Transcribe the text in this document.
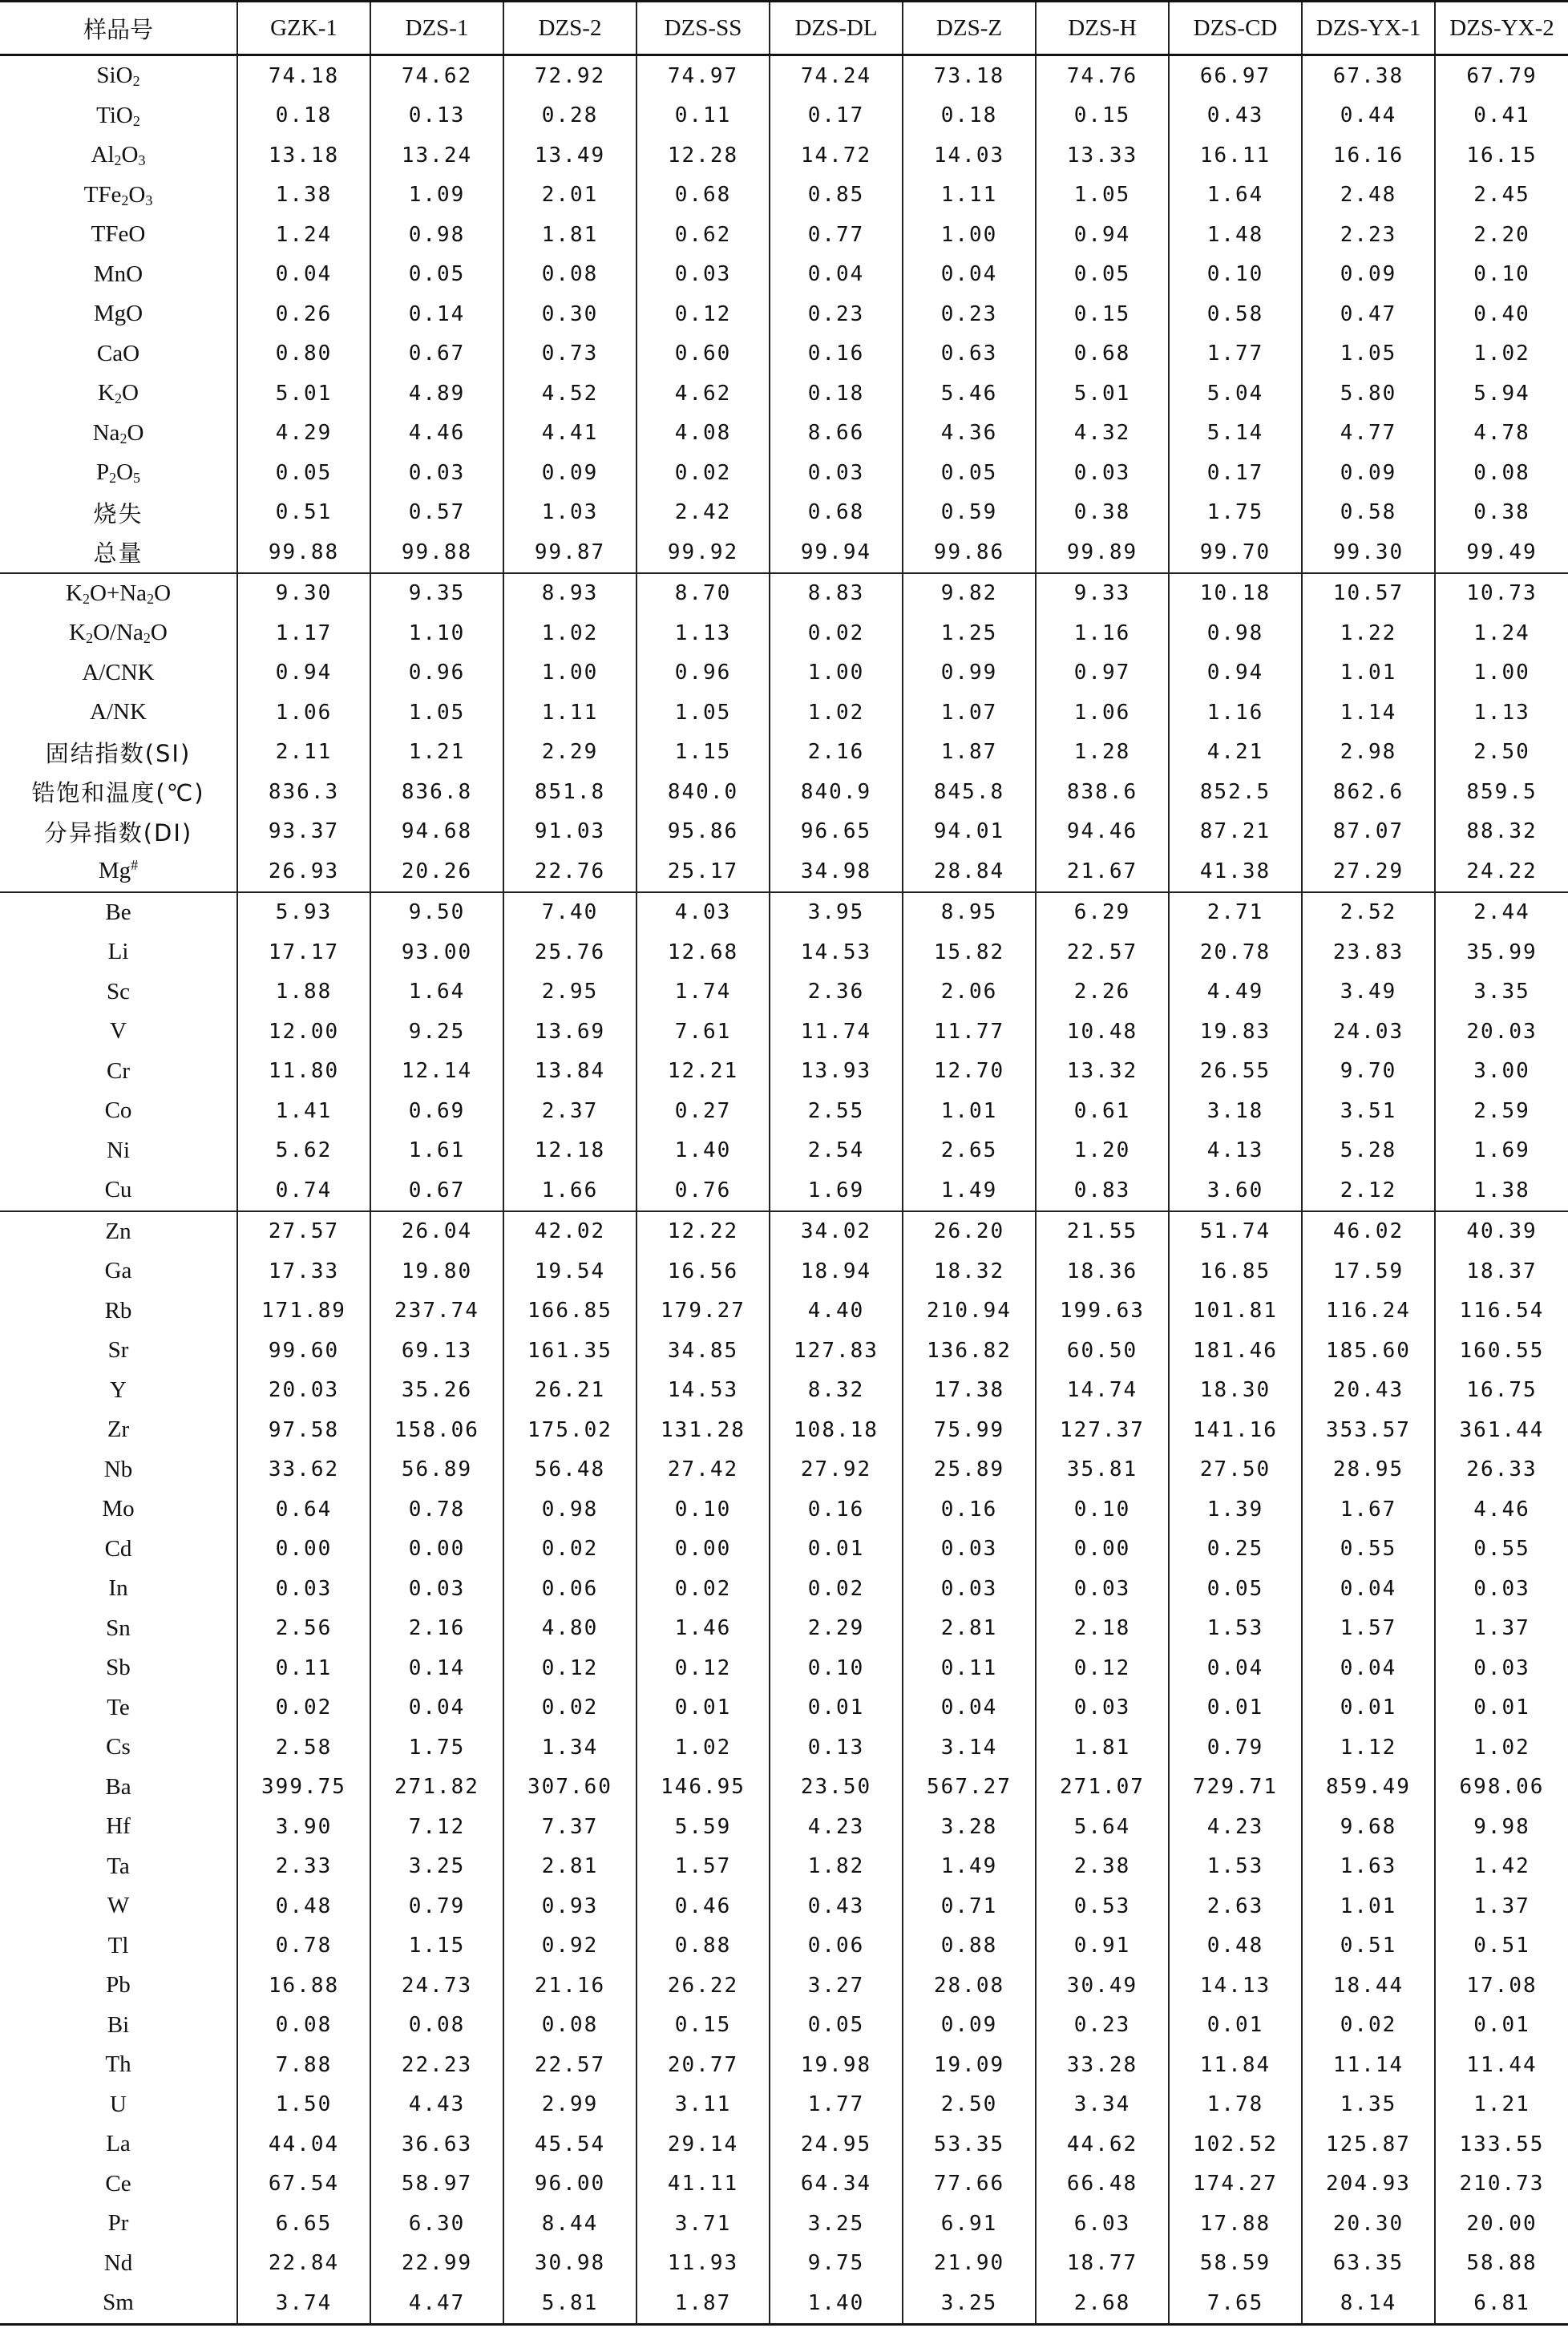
样品号	GZK-1	DZS-1	DZS-2	DZS-SS	DZS-DL	DZS-Z	DZS-H	DZS-CD	DZS-YX-1	DZS-YX-2
SiO$_2$	74.18	74.62	72.92	74.97	74.24	73.18	74.76	66.97	67.38	67.79
TiO$_2$	0.18	0.13	0.28	0.11	0.17	0.18	0.15	0.43	0.44	0.41
$Al_2O_3$	13.18	13.24	13.49	12.28	14.72	14.03	13.33	16.11	16.16	16.15
$TFe_2O_3$	1.38	1.09	2.01	0.68	0.85	1.11	1.05	1.64	2.48	2.45
TFeO	1.24	0.98	1.81	0.62	0.77	1.00	0.94	1.48	2.23	2.20
MnO	0.04	0.05	0.08	0.03	0.04	0.04	0.05	0.10	0.09	0.10
MgO	0.26	0.14	0.30	0.12	0.23	0.23	0.15	0.58	0.47	0.40
CaO	0.80	0.67	0.73	0.60	0.16	0.63	0.68	1.77	1.05	1.02
$K_2O$	5.01	4.89	4.52	4.62	0.18	5.46	5.01	5.04	5.80	5.94
$Na_2O$	4.29	4.46	4.41	4.08	8.66	4.36	4.32	5.14	4.77	4.78
$P_2O_5$	0.05	0.03	0.09	0.02	0.03	0.05	0.03	0.17	0.09	0.08
烧失	0.51	0.57	1.03	2.42	0.68	0.59	0.38	1.75	0.58	0.38
总量	99.88	99.88	99.87	99.92	99.94	99.86	99.89	99.70	99.30	99.49
$K_2O+Na_2O$	9.30	9.35	8.93	8.70	8.83	9.82	9.33	10.18	10.57	10.73
$K_2O/Na_2O$	1.17	1.10	1.02	1.13	0.02	1.25	1.16	0.98	1.22	1.24
A/CNK	0.94	0.96	1.00	0.96	1.00	0.99	0.97	0.94	1.01	1.00
A/NK	1.06	1.05	1.11	1.05	1.02	1.07	1.06	1.16	1.14	1.13
固结指数(SI)	2.11	1.21	2.29	1.15	2.16	1.87	1.28	4.21	2.98	2.50
锆饱和温度(℃)	836.3	836.8	851.8	840.0	840.9	845.8	838.6	852.5	862.6	859.5
分异指数(DI)	93.37	94.68	91.03	95.86	96.65	94.01	94.46	87.21	87.07	88.32
Mg#	26.93	20.26	22.76	25.17	34.98	28.84	21.67	41.38	27.29	24.22
Be	5.93	9.50	7.40	4.03	3.95	8.95	6.29	2.71	2.52	2.44
Li	17.17	93.00	25.76	12.68	14.53	15.82	22.57	20.78	23.83	35.99
Sc	1.88	1.64	2.95	1.74	2.36	2.06	2.26	4.49	3.49	3.35
V	12.00	9.25	13.69	7.61	11.74	11.77	10.48	19.83	24.03	20.03
Cr	11.80	12.14	13.84	12.21	13.93	12.70	13.32	26.55	9.70	3.00
Co	1.41	0.69	2.37	0.27	2.55	1.01	0.61	3.18	3.51	2.59
Ni	5.62	1.61	12.18	1.40	2.54	2.65	1.20	4.13	5.28	1.69
Cu	0.74	0.67	1.66	0.76	1.69	1.49	0.83	3.60	2.12	1.38
Zn	27.57	26.04	42.02	12.22	34.02	26.20	21.55	51.74	46.02	40.39
Ga	17.33	19.80	19.54	16.56	18.94	18.32	18.36	16.85	17.59	18.37
Rb	171.89	237.74	166.85	179.27	4.40	210.94	199.63	101.81	116.24	116.54
Sr	99.60	69.13	161.35	34.85	127.83	136.82	60.50	181.46	185.60	160.55
Y	20.03	35.26	26.21	14.53	8.32	17.38	14.74	18.30	20.43	16.75
Zr	97.58	158.06	175.02	131.28	108.18	75.99	127.37	141.16	353.57	361.44
Nb	33.62	56.89	56.48	27.42	27.92	25.89	35.81	27.50	28.95	26.33
Mo	0.64	0.78	0.98	0.10	0.16	0.16	0.10	1.39	1.67	4.46
Cd	0.00	0.00	0.02	0.00	0.01	0.03	0.00	0.25	0.55	0.55
In	0.03	0.03	0.06	0.02	0.02	0.03	0.03	0.05	0.04	0.03
Sn	2.56	2.16	4.80	1.46	2.29	2.81	2.18	1.53	1.57	1.37
Sb	0.11	0.14	0.12	0.12	0.10	0.11	0.12	0.04	0.04	0.03
Te	0.02	0.04	0.02	0.01	0.01	0.04	0.03	0.01	0.01	0.01
Cs	2.58	1.75	1.34	1.02	0.13	3.14	1.81	0.79	1.12	1.02
Ba	399.75	271.82	307.60	146.95	23.50	567.27	271.07	729.71	859.49	698.06
Hf	3.90	7.12	7.37	5.59	4.23	3.28	5.64	4.23	9.68	9.98
Ta	2.33	3.25	2.81	1.57	1.82	1.49	2.38	1.53	1.63	1.42
W	0.48	0.79	0.93	0.46	0.43	0.71	0.53	2.63	1.01	1.37
Tl	0.78	1.15	0.92	0.88	0.06	0.88	0.91	0.48	0.51	0.51
Pb	16.88	24.73	21.16	26.22	3.27	28.08	30.49	14.13	18.44	17.08
Bi	0.08	0.08	0.08	0.15	0.05	0.09	0.23	0.01	0.02	0.01
Th	7.88	22.23	22.57	20.77	19.98	19.09	33.28	11.84	11.14	11.44
U	1.50	4.43	2.99	3.11	1.77	2.50	3.34	1.78	1.35	1.21
La	44.04	36.63	45.54	29.14	24.95	53.35	44.62	102.52	125.87	133.55
Ce	67.54	58.97	96.00	41.11	64.34	77.66	66.48	174.27	204.93	210.73
Pr	6.65	6.30	8.44	3.71	3.25	6.91	6.03	17.88	20.30	20.00
Nd	22.84	22.99	30.98	11.93	9.75	21.90	18.77	58.59	63.35	58.88
Sm	3.74	4.47	5.81	1.87	1.40	3.25	2.68	7.65	8.14	6.81
